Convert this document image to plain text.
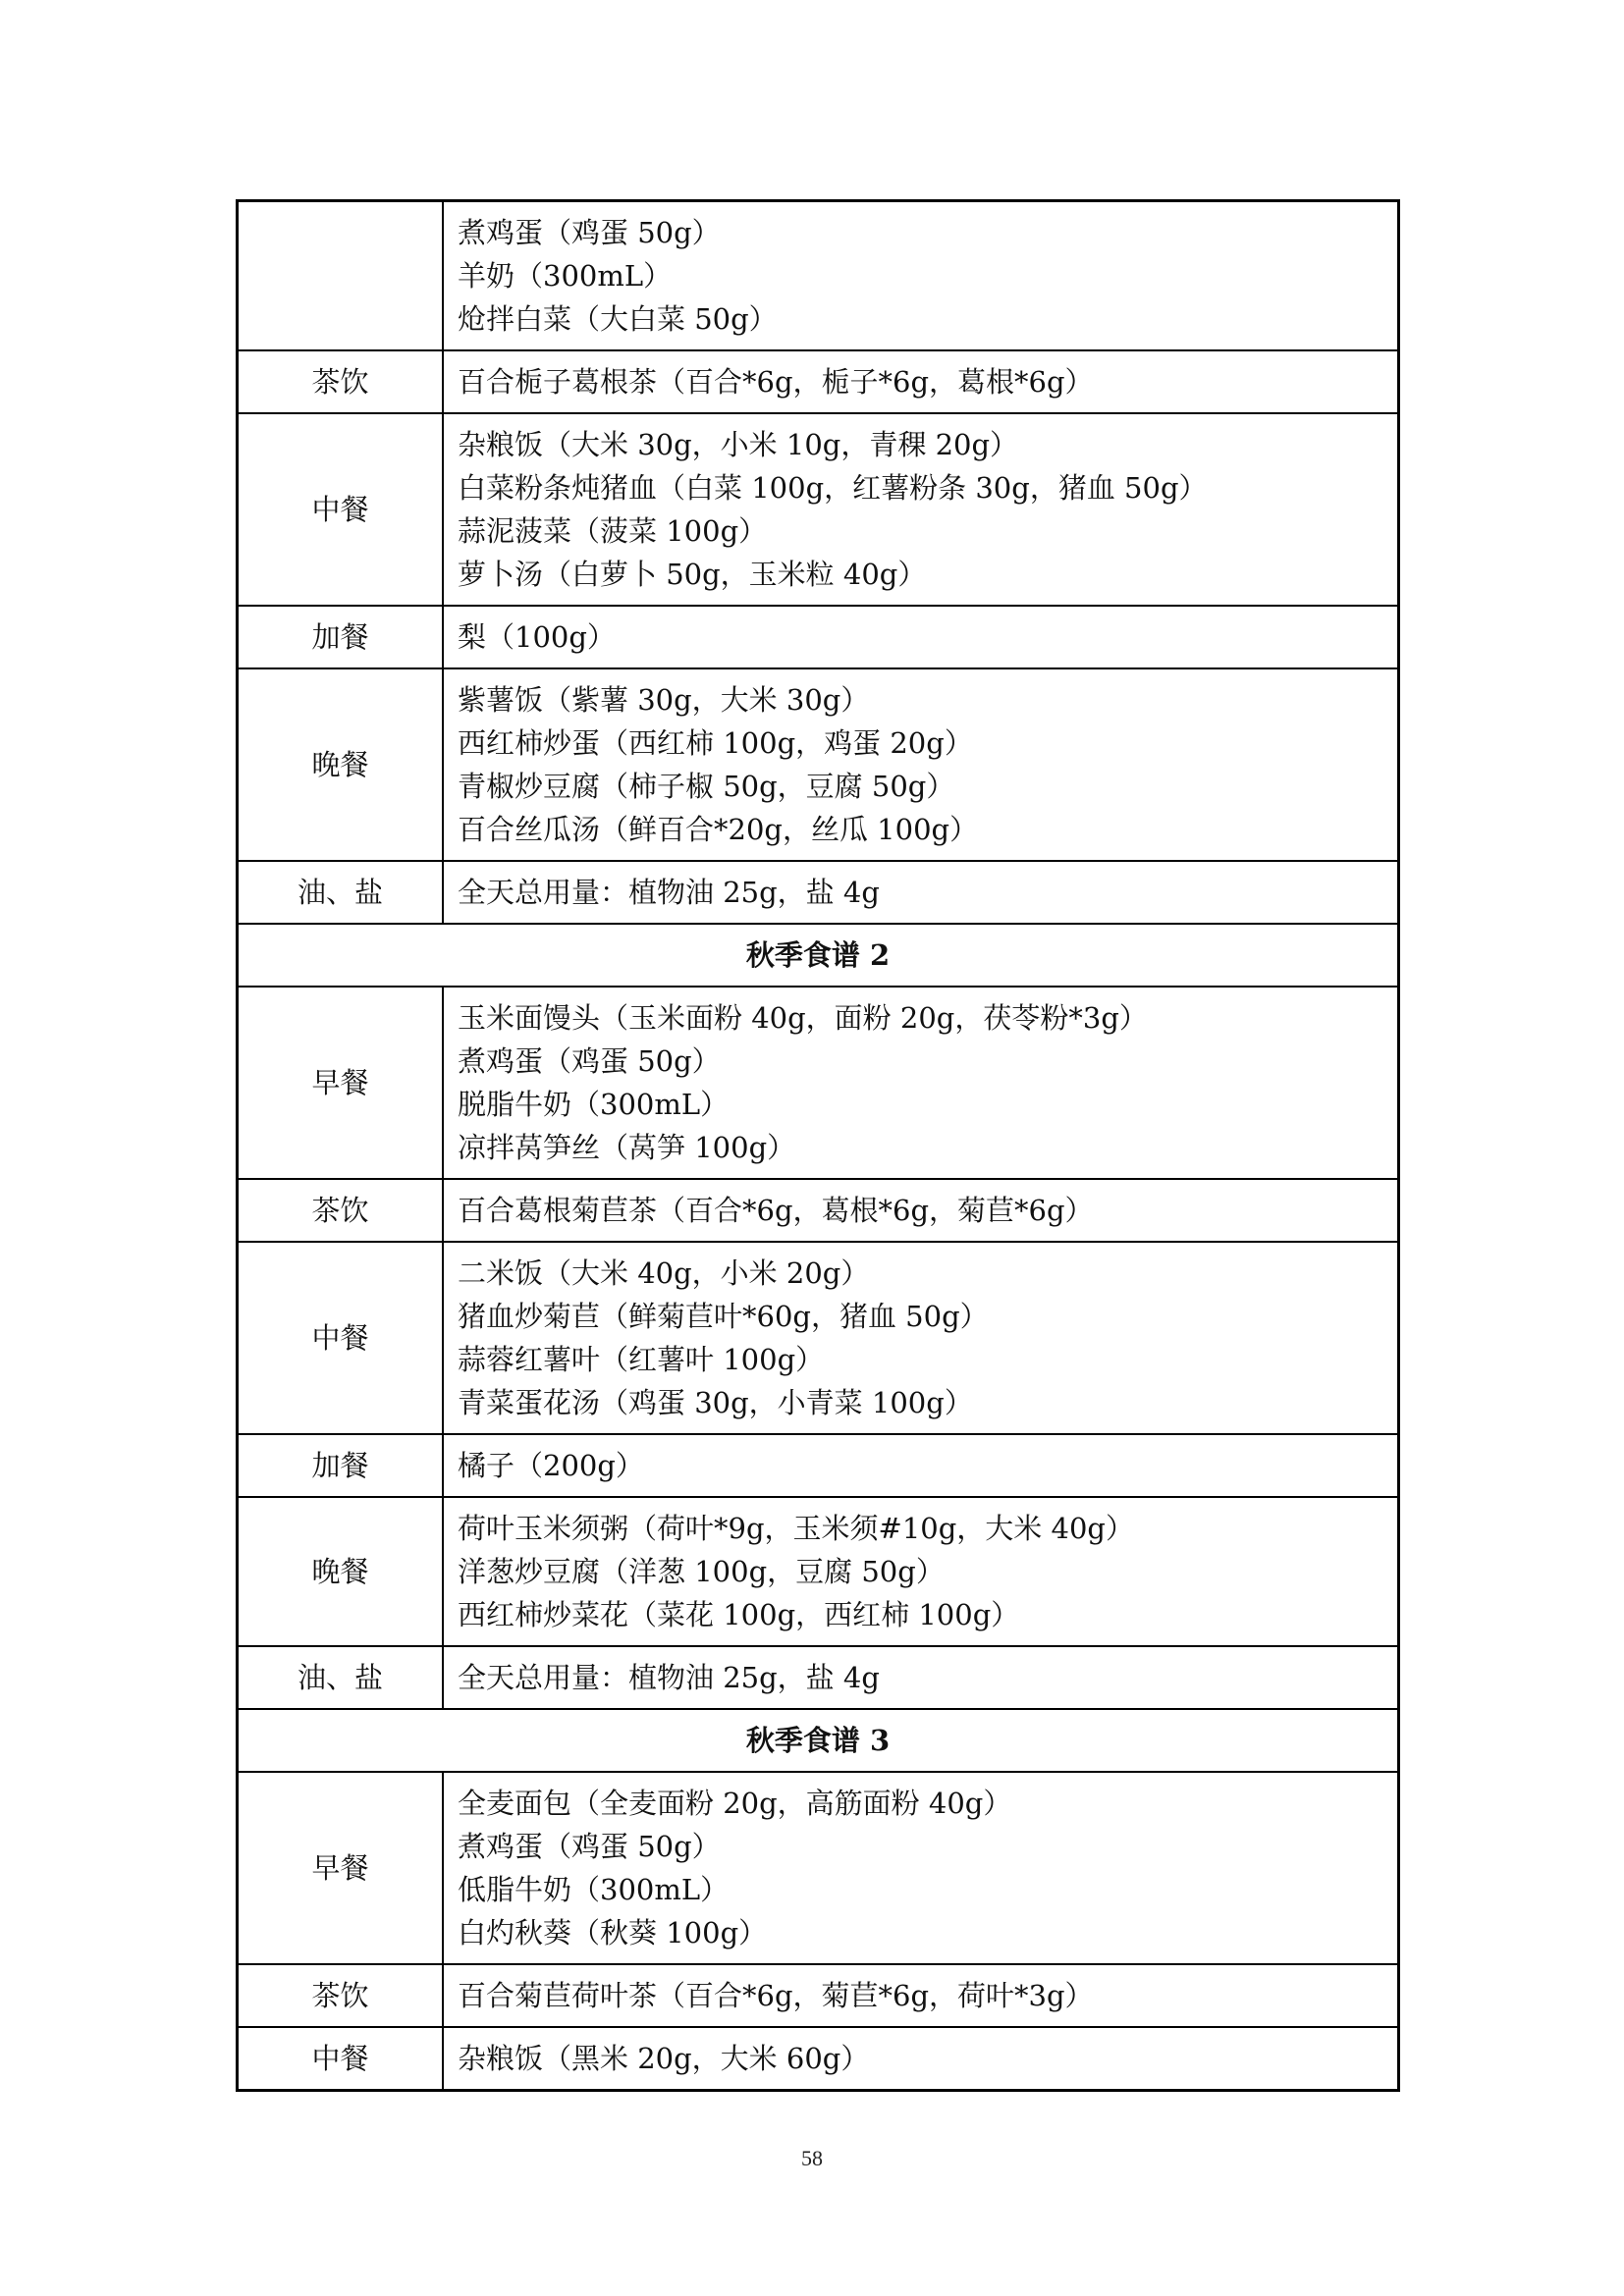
	煮鸡蛋（鸡蛋 50g）
羊奶（300mL）
炝拌白菜（大白菜 50g）

茶饮	百合栀子葛根茶（百合*6g，栀子*6g，葛根*6g）

中餐	杂粮饭（大米 30g，小米 10g，青稞 20g）
白菜粉条炖猪血（白菜 100g，红薯粉条 30g，猪血 50g）
蒜泥菠菜（菠菜 100g）
萝卜汤（白萝卜 50g，玉米粒 40g）

加餐	梨（100g）

晚餐	紫薯饭（紫薯 30g，大米 30g）
西红柿炒蛋（西红柿 100g，鸡蛋 20g）
青椒炒豆腐（柿子椒 50g，豆腐 50g）
百合丝瓜汤（鲜百合*20g，丝瓜 100g）

油、盐	全天总用量：植物油 25g，盐 4g

秋季食谱 2	
早餐	玉米面馒头（玉米面粉 40g，面粉 20g，茯苓粉*3g）
煮鸡蛋（鸡蛋 50g）
脱脂牛奶（300mL）
凉拌莴笋丝（莴笋 100g）

茶饮	百合葛根菊苣茶（百合*6g，葛根*6g，菊苣*6g）

中餐	二米饭（大米 40g，小米 20g）
猪血炒菊苣（鲜菊苣叶*60g，猪血 50g）
蒜蓉红薯叶（红薯叶 100g）
青菜蛋花汤（鸡蛋 30g，小青菜 100g）

加餐	橘子（200g）

晚餐	荷叶玉米须粥（荷叶*9g，玉米须#10g，大米 40g）
洋葱炒豆腐（洋葱 100g，豆腐 50g）
西红柿炒菜花（菜花 100g，西红柿 100g）

油、盐	全天总用量：植物油 25g，盐 4g

秋季食谱 3	
早餐	全麦面包（全麦面粉 20g，高筋面粉 40g）
煮鸡蛋（鸡蛋 50g）
低脂牛奶（300mL）
白灼秋葵（秋葵 100g）

茶饮	百合菊苣荷叶茶（百合*6g，菊苣*6g，荷叶*3g）

中餐	杂粮饭（黑米 20g，大米 60g）
58
